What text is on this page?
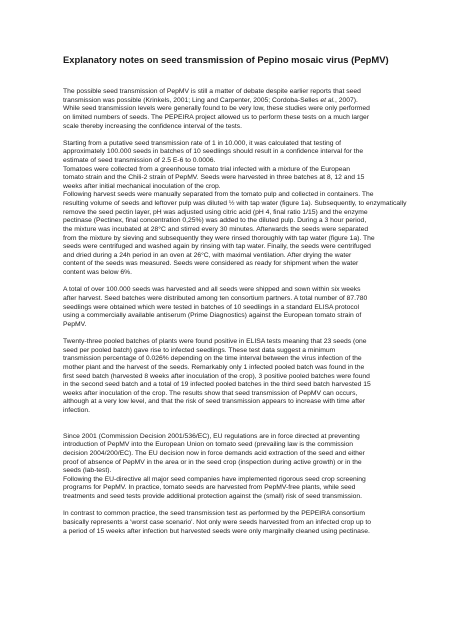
Explanatory notes on seed transmission of Pepino mosaic virus (PepMV)

The possible seed transmission of PepMV is still a matter of debate despite earlier reports that seed
transmission was possible (Krinkels, 2001; Ling and Carpenter, 2005; Cordoba-Selles et al., 2007).
While seed transmission levels were generally found to be very low, these studies were only performed
on limited numbers of seeds. The PEPEIRA project allowed us to perform these tests on a much larger
scale thereby increasing the confidence interval of the tests.

Starting from a putative seed transmission rate of 1 in 10.000, it was calculated that testing of
approximately 100.000 seeds in batches of 10 seedlings should result in a confidence interval for the
estimate of seed transmission of 2.5 E-6 to 0.0006.
Tomatoes were collected from a greenhouse tomato trial infected with a mixture of the European
tomato strain and the Chili-2 strain of PepMV. Seeds were harvested in three batches at 8, 12 and 15
weeks after initial mechanical inoculation of the crop.
Following harvest seeds were manually separated from the tomato pulp and collected in containers. The
resulting volume of seeds and leftover pulp was diluted ½ with tap water (figure 1a). Subsequently, to enzymatically
remove the seed pectin layer, pH was adjusted using citric acid (pH 4, final ratio 1/15) and the enzyme
pectinase (Pectinex, final concentration 0,25%) was added to the diluted pulp. During a 3 hour period,
the mixture was incubated at 28°C and stirred every 30 minutes. Afterwards the seeds were separated
from the mixture by sieving and subsequently they were rinsed thoroughly with tap water (figure 1a). The
seeds were centrifuged and washed again by rinsing with tap water. Finally, the seeds were centrifuged
and dried during a 24h period in an oven at 26°C, with maximal ventilation. After drying the water
content of the seeds was measured. Seeds were considered as ready for shipment when the water
content was below 6%.

A total of over 100.000 seeds was harvested and all seeds were shipped and sown within six weeks
after harvest. Seed batches were distributed among ten consortium partners. A total number of 87.780
seedlings were obtained which were tested in batches of 10 seedlings in a standard ELISA protocol
using a commercially available antiserum (Prime Diagnostics) against the European tomato strain of
PepMV.

Twenty-three pooled batches of plants were found positive in ELISA tests meaning that 23 seeds (one
seed per pooled batch) gave rise to infected seedlings. These test data suggest a minimum
transmission percentage of 0.026% depending on the time interval between the virus infection of the
mother plant and the harvest of the seeds. Remarkably only 1 infected pooled batch was found in the
first seed batch (harvested 8 weeks after inoculation of the crop), 3 positive pooled batches were found
in the second seed batch and a total of 19 infected pooled batches in the third seed batch harvested 15
weeks after inoculation of the crop. The results show that seed transmission of PepMV can occurs,
although at a very low level, and that the risk of seed transmission appears to increase with time after
infection.

Since 2001 (Commission Decision 2001/536/EC), EU regulations are in force directed at preventing
introduction of PepMV into the European Union on tomato seed (prevailing law is the commission
decision 2004/200/EC). The EU decision now in force demands acid extraction of the seed and either
proof of absence of PepMV in the area or in the seed crop (inspection during active growth) or in the
seeds (lab-test).
Following the EU-directive all major seed companies have implemented rigorous seed crop screening
programs for PepMV. In practice, tomato seeds are harvested from PepMV-free plants, while seed
treatments and seed tests provide additional protection against the (small) risk of seed transmission.

In contrast to common practice, the seed transmission test as performed by the PEPEIRA consortium
basically represents a 'worst case scenario'. Not only were seeds harvested from an infected crop up to
a period of 15 weeks after infection but harvested seeds were only marginally cleaned using pectinase.
